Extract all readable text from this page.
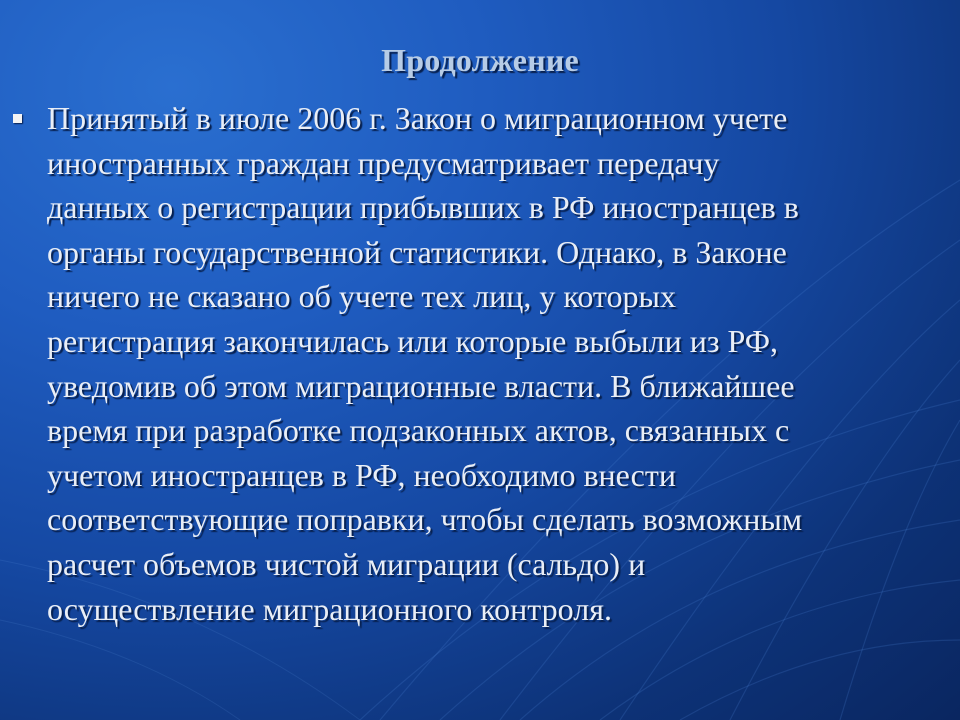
Продолжение

Принятый в июле 2006 г. Закон о миграционном учете
иностранных граждан предусматривает передачу
данных о регистрации прибывших в РФ иностранцев в
органы государственной статистики. Однако, в Законе
ничего не сказано об учете тех лиц, у которых
регистрация закончилась или которые выбыли из РФ,
уведомив об этом миграционные власти. В ближайшее
время при разработке подзаконных актов, связанных с
учетом иностранцев в РФ, необходимо внести
соответствующие поправки, чтобы сделать возможным
расчет объемов чистой миграции (сальдо) и
осуществление миграционного контроля.
